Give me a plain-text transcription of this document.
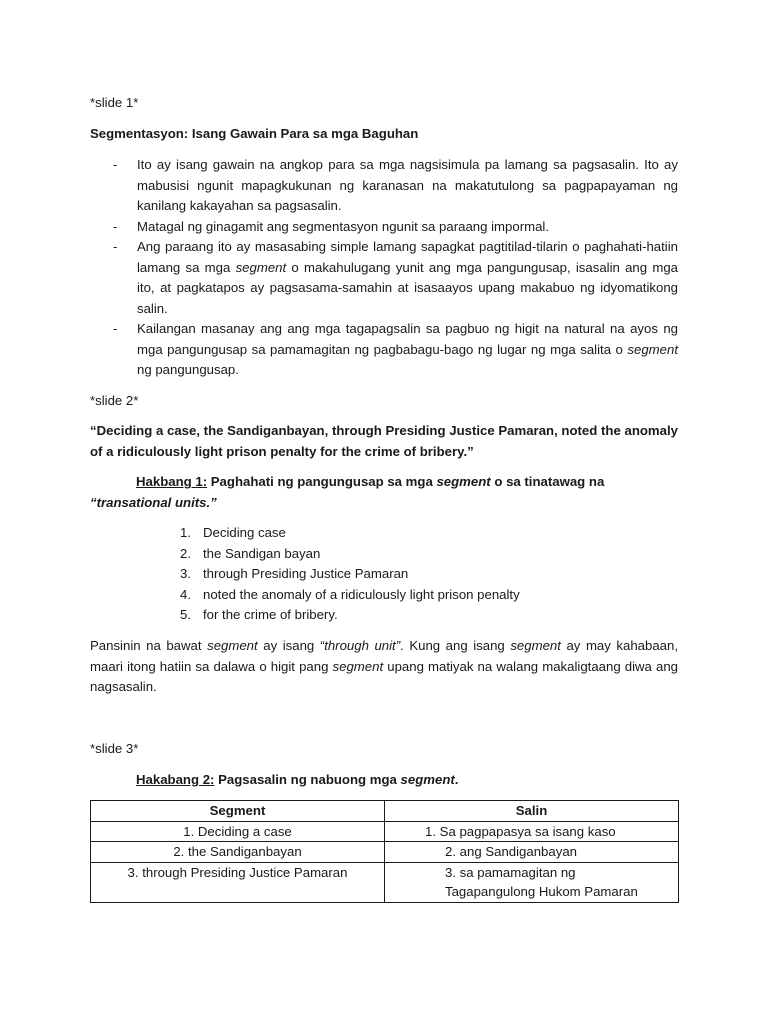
*slide 1*

Segmentasyon: Isang Gawain Para sa mga Baguhan

- Ito ay isang gawain na angkop para sa mga nagsisimula pa lamang sa pagsasalin. Ito ay mabusisi ngunit mapagkukunan ng karanasan na makatutulong sa pagpapayaman ng kanilang kakayahan sa pagsasalin.
- Matagal ng ginagamit ang segmentasyon ngunit sa paraang impormal.
- Ang paraang ito ay masasabing simple lamang sapagkat pagtitilad-tilarin o paghahati-hatiin lamang sa mga segment o makahulugang yunit ang mga pangungusap, isasalin ang mga ito, at pagkatapos ay pagsasama-samahin at isasaayos upang makabuo ng idyomatikong salin.
- Kailangan masanay ang ang mga tagapagsalin sa pagbuo ng higit na natural na ayos ng mga pangungusap sa pamamagitan ng pagbabagu-bago ng lugar ng mga salita o segment ng pangungusap.

*slide 2*

“Deciding a case, the Sandiganbayan, through Presiding Justice Pamaran, noted the anomaly of a ridiculously light prison penalty for the crime of bribery.”

Hakbang 1: Paghahati ng pangungusap sa mga segment o sa tinatawag na “transational units.”

1. Deciding case
2. the Sandigan bayan
3. through Presiding Justice Pamaran
4. noted the anomaly of a ridiculously light prison penalty
5. for the crime of bribery.

Pansinin na bawat segment ay isang “through unit”. Kung ang isang segment ay may kahabaan, maari itong hatiin sa dalawa o higit pang segment upang matiyak na walang makaligtaang diwa ang nagsasalin.

*slide 3*

Hakabang 2: Pagsasalin ng nabuong mga segment.

Segment	Salin
1. Deciding a case	1. Sa pagpapasya sa isang kaso
2. the Sandiganbayan	2. ang Sandiganbayan
3. through Presiding Justice Pamaran	3. sa pamamagitan ng
Tagapangulong Hukom Pamaran
